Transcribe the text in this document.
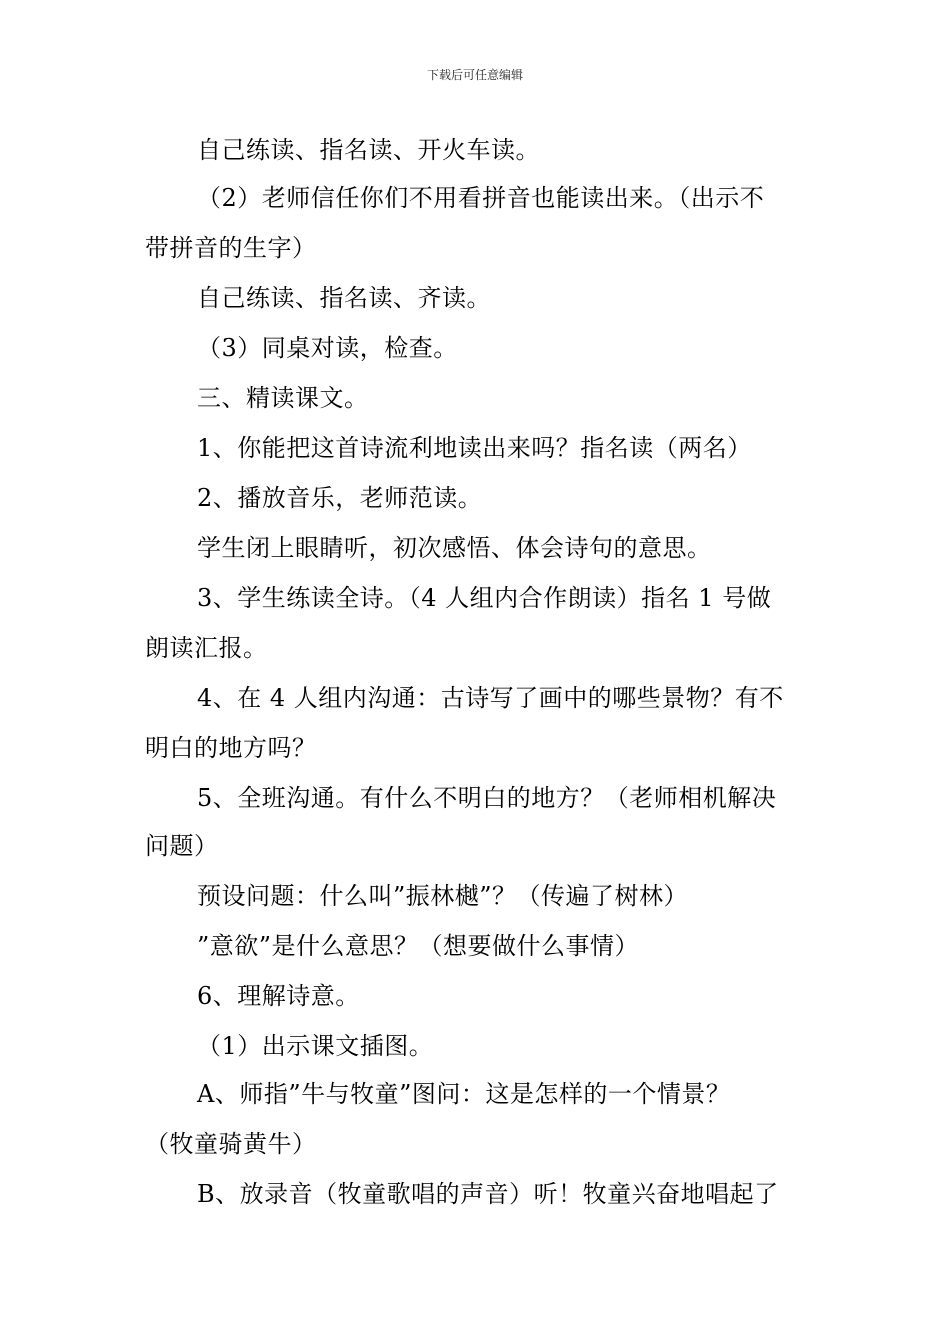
下载后可任意编辑
自己练读、指名读、开火车读。
（2）老师信任你们不用看拼音也能读出来。（出示不
带拼音的生字）
自己练读、指名读、齐读。
（3）同桌对读，检查。
三、精读课文。
1、你能把这首诗流利地读出来吗？指名读（两名）
2、播放音乐，老师范读。
学生闭上眼睛听，初次感悟、体会诗句的意思。
3、学生练读全诗。（4 人组内合作朗读）指名 1 号做
朗读汇报。
4、在 4 人组内沟通：古诗写了画中的哪些景物？有不
明白的地方吗？
5、全班沟通。有什么不明白的地方？（老师相机解决
问题）
预设问题：什么叫”振林樾”？（传遍了树林）
”意欲”是什么意思？（想要做什么事情）
6、理解诗意。
（1）出示课文插图。
A、师指”牛与牧童”图问：这是怎样的一个情景？
（牧童骑黄牛）
B、放录音（牧童歌唱的声音）听！牧童兴奋地唱起了
